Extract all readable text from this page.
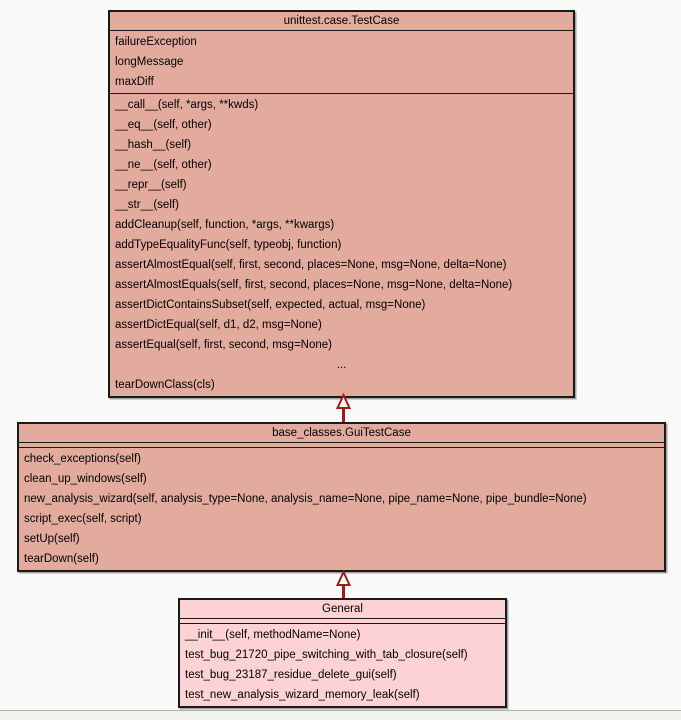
unittest.case.TestCase
failureException
longMessage
maxDiff
__call__(self, *args, **kwds)
__eq__(self, other)
__hash__(self)
__ne__(self, other)
__repr__(self)
__str__(self)
addCleanup(self, function, *args, **kwargs)
addTypeEqualityFunc(self, typeobj, function)
assertAlmostEqual(self, first, second, places=None, msg=None, delta=None)
assertAlmostEquals(self, first, second, places=None, msg=None, delta=None)
assertDictContainsSubset(self, expected, actual, msg=None)
assertDictEqual(self, d1, d2, msg=None)
assertEqual(self, first, second, msg=None)
...
tearDownClass(cls)
base_classes.GuiTestCase
check_exceptions(self)
clean_up_windows(self)
new_analysis_wizard(self, analysis_type=None, analysis_name=None, pipe_name=None, pipe_bundle=None)
script_exec(self, script)
setUp(self)
tearDown(self)
General
__init__(self, methodName=None)
test_bug_21720_pipe_switching_with_tab_closure(self)
test_bug_23187_residue_delete_gui(self)
test_new_analysis_wizard_memory_leak(self)
